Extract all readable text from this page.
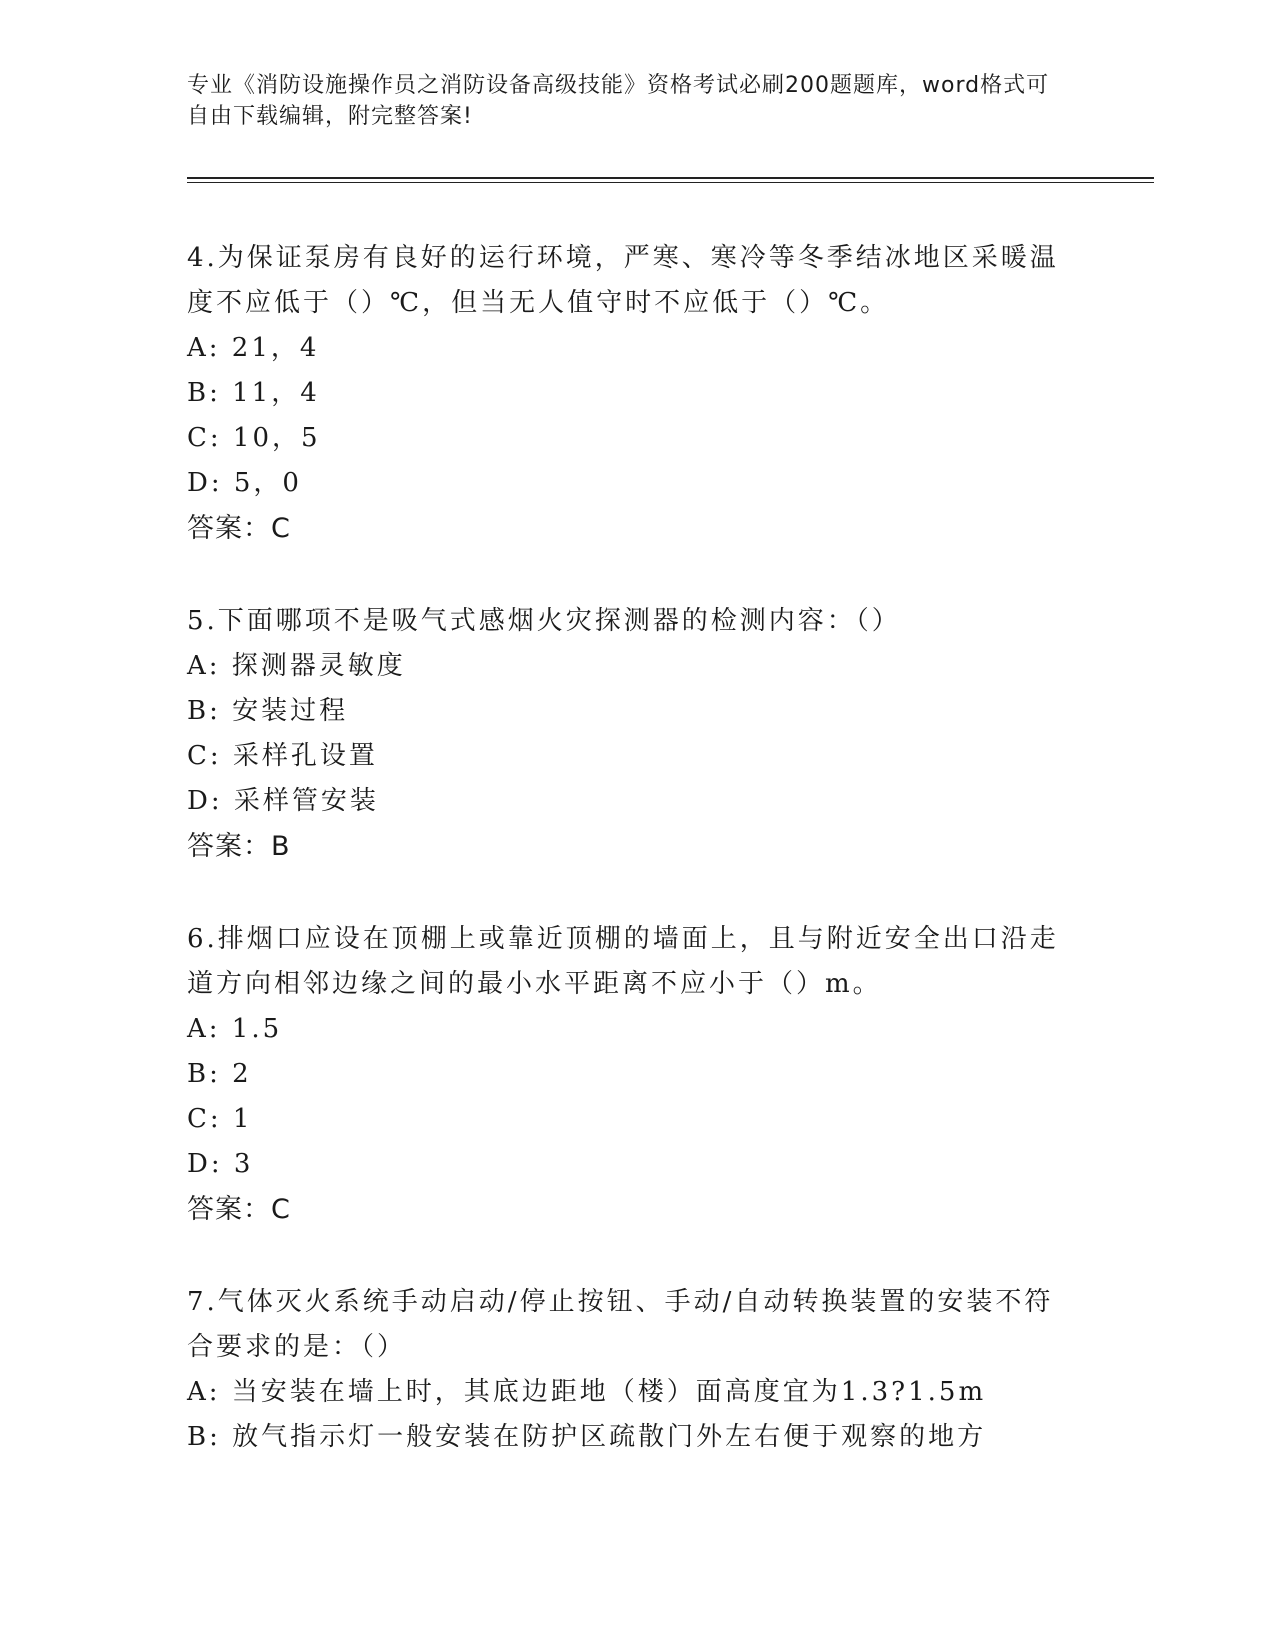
专业《消防设施操作员之消防设备高级技能》资格考试必刷200题题库，word格式可自由下载编辑，附完整答案!

4.为保证泵房有良好的运行环境，严寒、寒冷等冬季结冰地区采暖温度不应低于（）℃，但当无人值守时不应低于（）℃。

A: 21，4

B: 11，4

C: 10，5

D: 5，0

答案：C

5.下面哪项不是吸气式感烟火灾探测器的检测内容：（）

A: 探测器灵敏度

B: 安装过程

C: 采样孔设置

D: 采样管安装

答案：B

6.排烟口应设在顶棚上或靠近顶棚的墙面上，且与附近安全出口沿走道方向相邻边缘之间的最小水平距离不应小于（）m。

A: 1.5

B: 2

C: 1

D: 3

答案：C

7.气体灭火系统手动启动/停止按钮、手动/自动转换装置的安装不符合要求的是：（）

A: 当安装在墙上时，其底边距地（楼）面高度宜为1.3?1.5m

B: 放气指示灯一般安装在防护区疏散门外左右便于观察的地方
